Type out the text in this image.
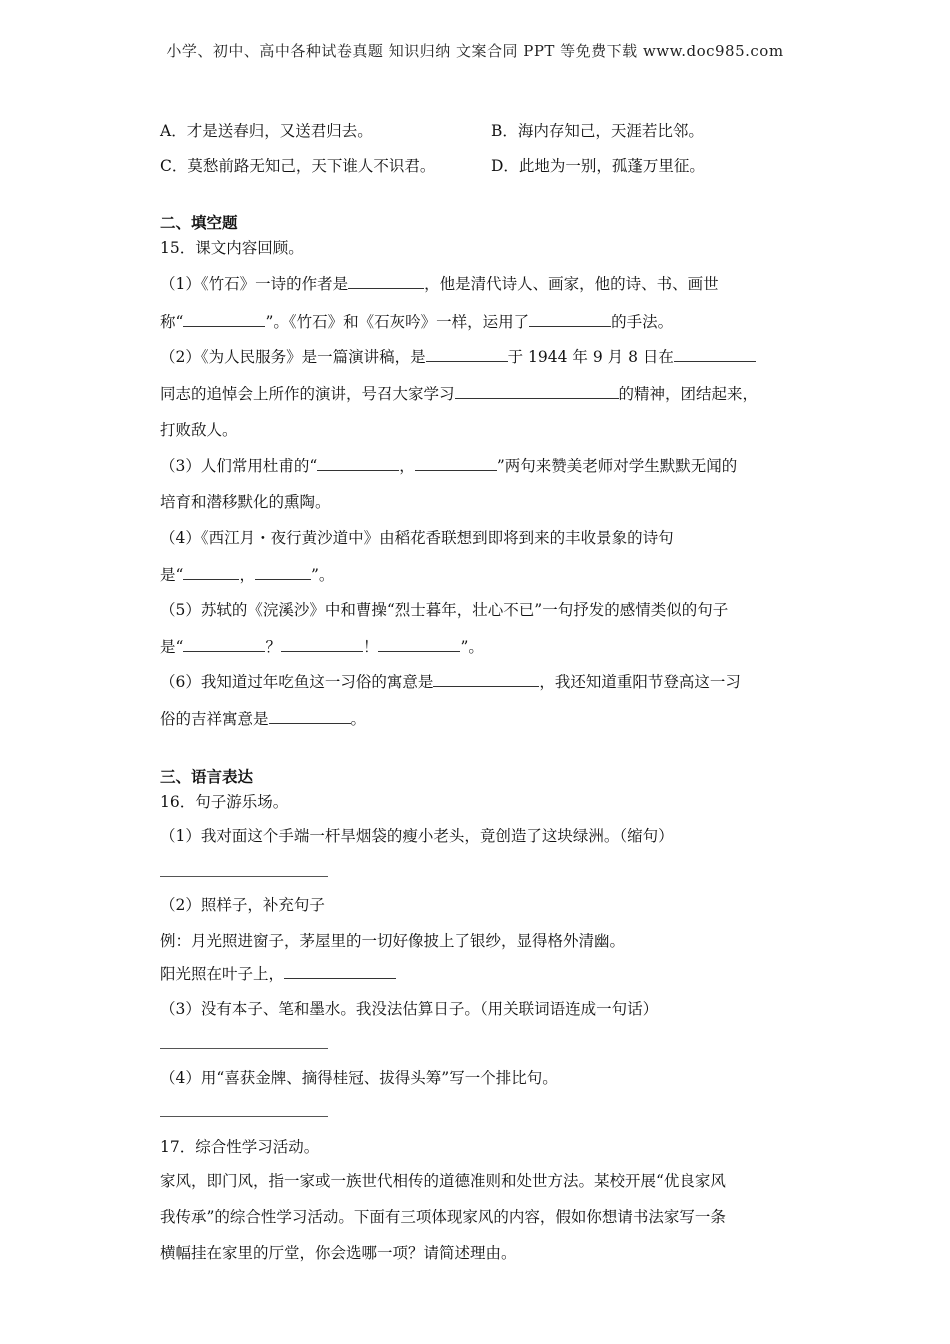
小学、初中、高中各种试卷真题 知识归纳 文案合同 PPT 等免费下载 www.doc985.com
A．才是送春归，又送君归去。	B．海内存知己，天涯若比邻。
C．莫愁前路无知己，天下谁人不识君。	D．此地为一别，孤蓬万里征。
二、填空题
15．课文内容回顾。
（1）《竹石》一诗的作者是	，他是清代诗人、画家，他的诗、书、画世
称“	”。《竹石》和《石灰吟》一样，运用了	的手法。
（2）《为人民服务》是一篇演讲稿，是	于 1944 年 9 月 8 日在
同志的追悼会上所作的演讲，号召大家学习	的精神，团结起来，
打败敌人。
（3）人们常用杜甫的“	，	”两句来赞美老师对学生默默无闻的
培育和潜移默化的熏陶。
（4）《西江月・夜行黄沙道中》由稻花香联想到即将到来的丰收景象的诗句
是“	，	”。
（5）苏轼的《浣溪沙》中和曹操“烈士暮年，壮心不已”一句抒发的感情类似的句子
是“	？	！	”。
（6）我知道过年吃鱼这一习俗的寓意是	，我还知道重阳节登高这一习
俗的吉祥寓意是	。
三、语言表达
16．句子游乐场。
（1）我对面这个手端一杆旱烟袋的瘦小老头，竟创造了这块绿洲。（缩句）
（2）照样子，补充句子
例：月光照进窗子，茅屋里的一切好像披上了银纱，显得格外清幽。
阳光照在叶子上，
（3）没有本子、笔和墨水。我没法估算日子。（用关联词语连成一句话）
（4）用“喜获金牌、摘得桂冠、拔得头筹”写一个排比句。
17．综合性学习活动。
家风，即门风，指一家或一族世代相传的道德准则和处世方法。某校开展“优良家风
我传承”的综合性学习活动。下面有三项体现家风的内容，假如你想请书法家写一条
横幅挂在家里的厅堂，你会选哪一项？请简述理由。
